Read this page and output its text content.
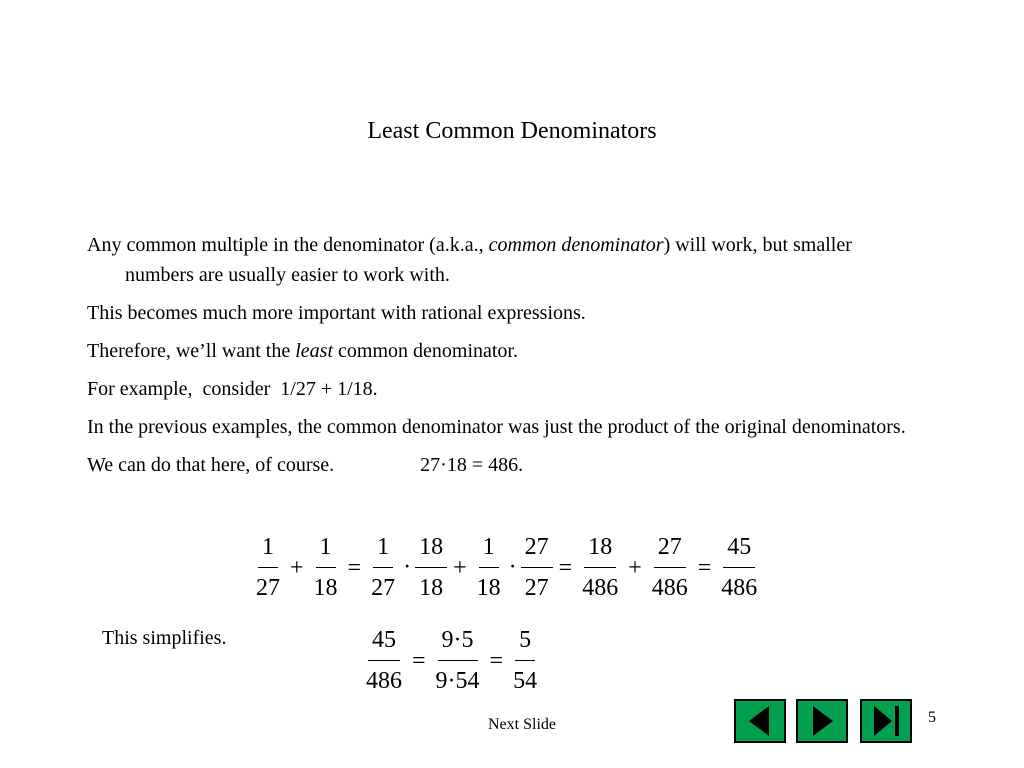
Least Common Denominators

Any common multiple in the denominator (a.k.a., common denominator) will work, but smaller numbers are usually easier to work with.

This becomes much more important with rational expressions.

Therefore, we’ll want the least common denominator.

For example,  consider  1/27 + 1/18.

In the previous examples, the common denominator was just the product of the original denominators.

We can do that here, of course.	27·18 = 486.

$\frac{1}{27} + \frac{1}{18} = \frac{1}{27} \cdot \frac{18}{18} + \frac{1}{18} \cdot \frac{27}{27} = \frac{18}{486} + \frac{27}{486} = \frac{45}{486}$
This simplifies.	$\frac{45}{486} = \frac{9\cdot 5}{9\cdot 54} = \frac{5}{54}$
Next Slide	5
